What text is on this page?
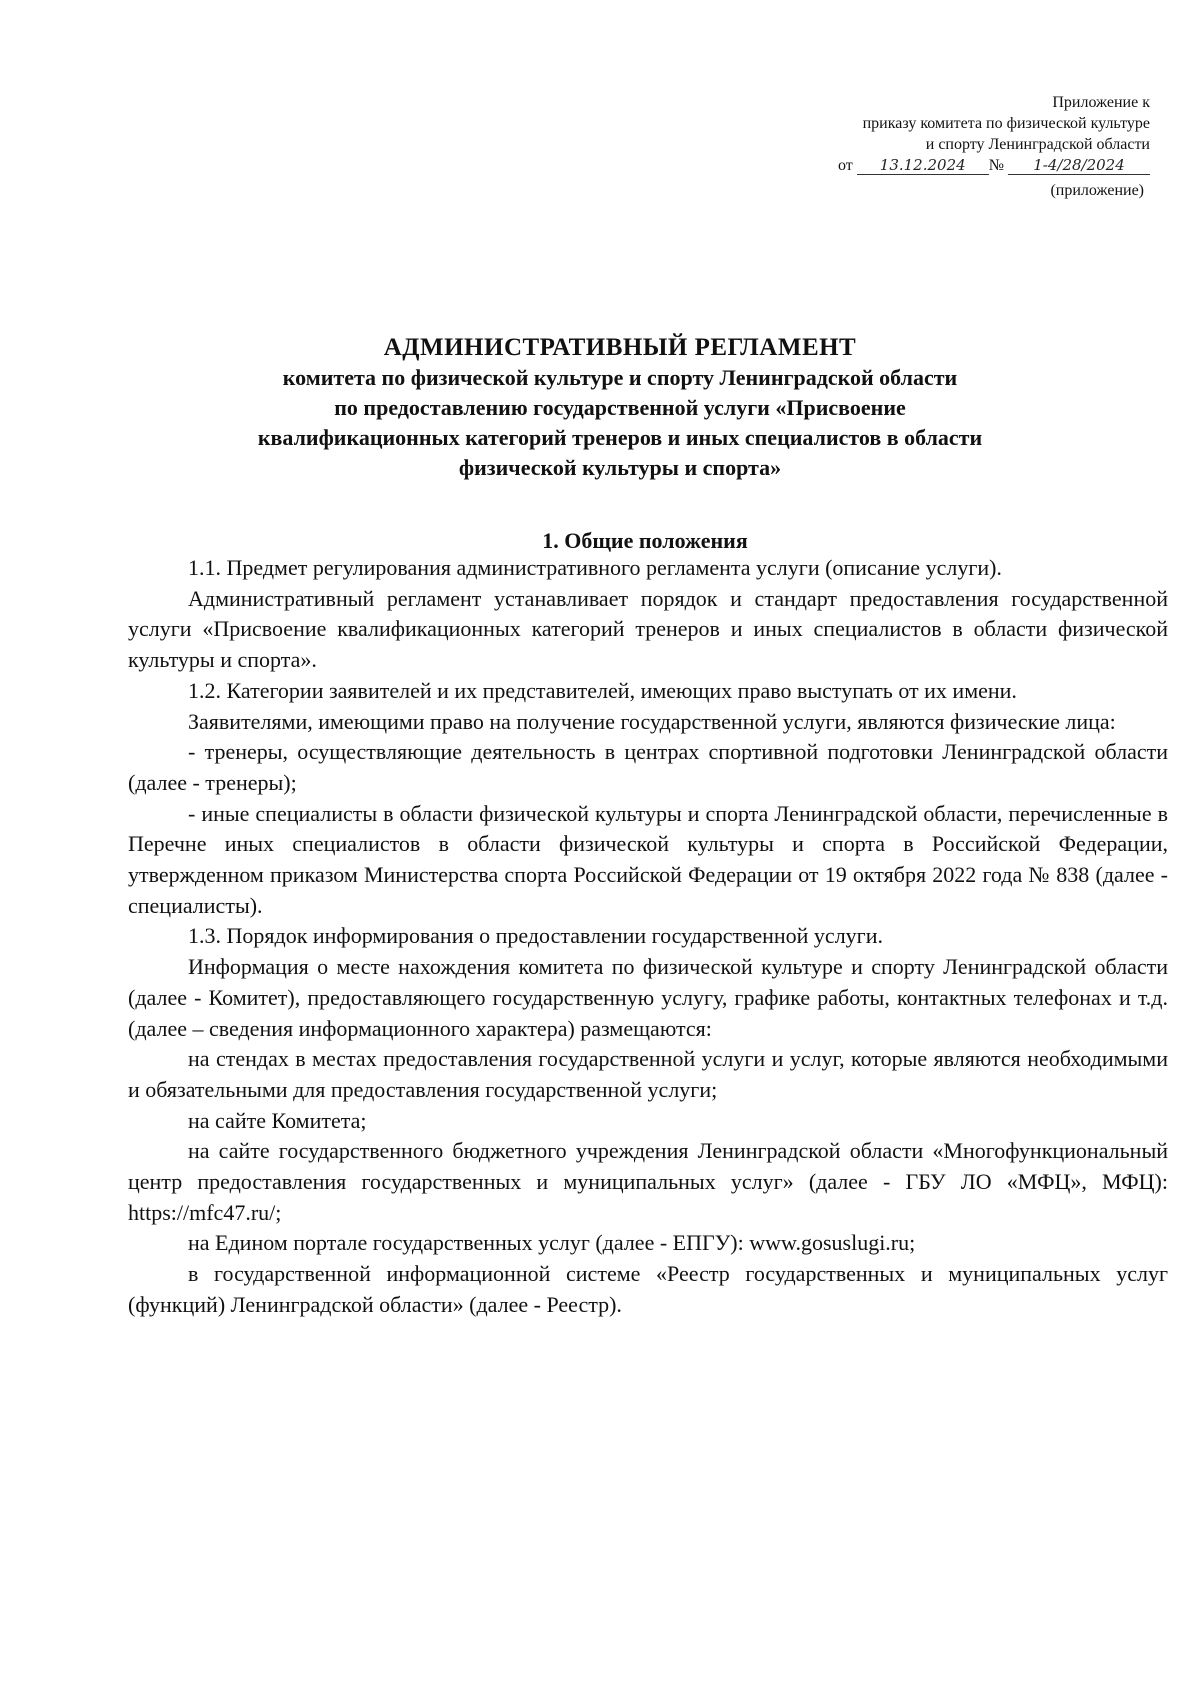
Приложение к
приказу комитета по физической культуре
и спорту Ленинградской области
от 13.12.2024 № 1-4/28/2024
(приложение)
АДМИНИСТРАТИВНЫЙ РЕГЛАМЕНТ
комитета по физической культуре и спорту Ленинградской области
по предоставлению государственной услуги «Присвоение
квалификационных категорий тренеров и иных специалистов в области
физической культуры и спорта»
1. Общие положения

1.1. Предмет регулирования административного регламента услуги (описание услуги).

Административный регламент устанавливает порядок и стандарт предоставления государственной услуги «Присвоение квалификационных категорий тренеров и иных специалистов в области физической культуры и спорта».

1.2. Категории заявителей и их представителей, имеющих право выступать от их имени.

Заявителями, имеющими право на получение государственной услуги, являются физические лица:

- тренеры, осуществляющие деятельность в центрах спортивной подготовки Ленинградской области (далее - тренеры);

- иные специалисты в области физической культуры и спорта Ленинградской области, перечисленные в Перечне иных специалистов в области физической культуры и спорта в Российской Федерации, утвержденном приказом Министерства спорта Российской Федерации от 19 октября 2022 года № 838 (далее - специалисты).

1.3. Порядок информирования о предоставлении государственной услуги.

Информация о месте нахождения комитета по физической культуре и спорту Ленинградской области (далее - Комитет), предоставляющего государственную услугу, графике работы, контактных телефонах и т.д. (далее – сведения информационного характера) размещаются:

на стендах в местах предоставления государственной услуги и услуг, которые являются необходимыми и обязательными для предоставления государственной услуги;

на сайте Комитета;

на сайте государственного бюджетного учреждения Ленинградской области «Многофункциональный центр предоставления государственных и муниципальных услуг» (далее - ГБУ ЛО «МФЦ», МФЦ): https://mfc47.ru/;

на Едином портале государственных услуг (далее - ЕПГУ): www.gosuslugi.ru;

в государственной информационной системе «Реестр государственных и муниципальных услуг (функций) Ленинградской области» (далее - Реестр).
